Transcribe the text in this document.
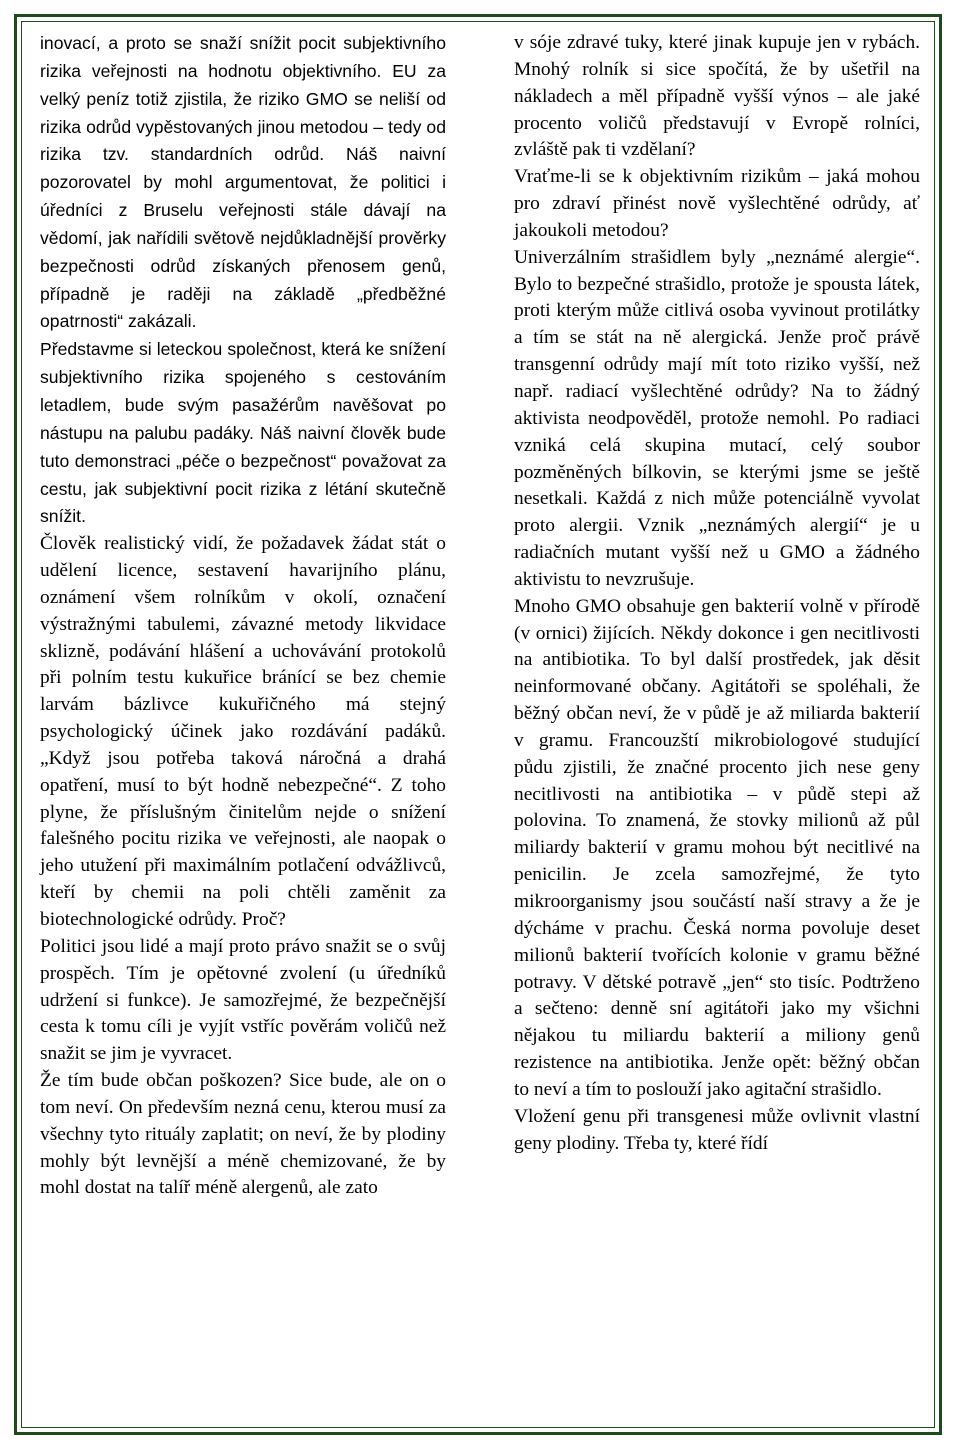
inovací, a proto se snaží snížit pocit subjektivního rizika veřejnosti na hodnotu objektivního. EU za velký peníz totiž zjistila, že riziko GMO se neliší od rizika odrůd vypěstovaných jinou metodou – tedy od rizika tzv. standardních odrůd. Náš naivní pozorovatel by mohl argumentovat, že politici i úředníci z Bruselu veřejnosti stále dávají na vědomí, jak nařídili světově nejdůkladnější prověrky bezpečnosti odrůd získaných přenosem genů, případně je raději na základě „předběžné opatrnosti“ zakázali.

Představme si leteckou společnost, která ke snížení subjektivního rizika spojeného s cestováním letadlem, bude svým pasažérům navěšovat po nástupu na palubu padáky. Náš naivní člověk bude tuto demonstraci „péče o bezpečnost“ považovat za cestu, jak subjektivní pocit rizika z létání skutečně snížit.

Člověk realistický vidí, že požadavek žádat stát o udělení licence, sestavení havarijního plánu, oznámení všem rolníkům v okolí, označení výstražnými tabulemi, závazné metody likvidace sklizně, podávání hlášení a uchovávání protokolů při polním testu kukuřice bránící se bez chemie larvám bázlivce kukuřičného má stejný psychologický účinek jako rozdávání padáků. „Když jsou potřeba taková náročná a drahá opatření, musí to být hodně nebezpečné“. Z toho plyne, že příslušným činitelům nejde o snížení falešného pocitu rizika ve veřejnosti, ale naopak o jeho utužení při maximálním potlačení odvážlivců, kteří by chemii na poli chtěli zaměnit za biotechnologické odrůdy. Proč?

Politici jsou lidé a mají proto právo snažit se o svůj prospěch. Tím je opětovné zvolení (u úředníků udržení si funkce). Je samozřejmé, že bezpečnější cesta k tomu cíli je vyjít vstříc pověrám voličů než snažit se jim je vyvracet.

Že tím bude občan poškozen? Sice bude, ale on o tom neví. On především nezná cenu, kterou musí za všechny tyto rituály zaplatit; on neví, že by plodiny mohly být levnější a méně chemizované, že by mohl dostat na talíř méně alergenů, ale zato

v sóje zdravé tuky, které jinak kupuje jen v rybách. Mnohý rolník si sice spočítá, že by ušetřil na nákladech a měl případně vyšší výnos – ale jaké procento voličů představují v Evropě rolníci, zvláště pak ti vzdělaní?

Vraťme-li se k objektivním rizikům – jaká mohou pro zdraví přinést nově vyšlechtěné odrůdy, ať jakoukoli metodou?

Univerzálním strašidlem byly „neznámé alergie“. Bylo to bezpečné strašidlo, protože je spousta látek, proti kterým může citlivá osoba vyvinout protilátky a tím se stát na ně alergická. Jenže proč právě transgenní odrůdy mají mít toto riziko vyšší, než např. radiací vyšlechtěné odrůdy? Na to žádný aktivista neodpověděl, protože nemohl. Po radiaci vzniká celá skupina mutací, celý soubor pozměněných bílkovin, se kterými jsme se ještě nesetkali. Každá z nich může potenciálně vyvolat proto alergii. Vznik „neznámých alergií“ je u radiačních mutant vyšší než u GMO a žádného aktivistu to nevzrušuje.

Mnoho GMO obsahuje gen bakterií volně v přírodě (v ornici) žijících. Někdy dokonce i gen necitlivosti na antibiotika. To byl další prostředek, jak děsit neinformované občany. Agitátoři se spoléhali, že běžný občan neví, že v půdě je až miliarda bakterií v gramu. Francouzští mikrobiologové studující půdu zjistili, že značné procento jich nese geny necitlivosti na antibiotika – v půdě stepi až polovina. To znamená, že stovky milionů až půl miliardy bakterií v gramu mohou být necitlivé na penicilin. Je zcela samozřejmé, že tyto mikroorganismy jsou součástí naší stravy a že je dýcháme v prachu. Česká norma povoluje deset milionů bakterií tvořících kolonie v gramu běžné potravy. V dětské potravě „jen“ sto tisíc. Podtrženo a sečteno: denně sní agitátoři jako my všichni nějakou tu miliardu bakterií a miliony genů rezistence na antibiotika. Jenže opět: běžný občan to neví a tím to poslouží jako agitační strašidlo.

Vložení genu při transgenesi může ovlivnit vlastní geny plodiny. Třeba ty, které řídí
